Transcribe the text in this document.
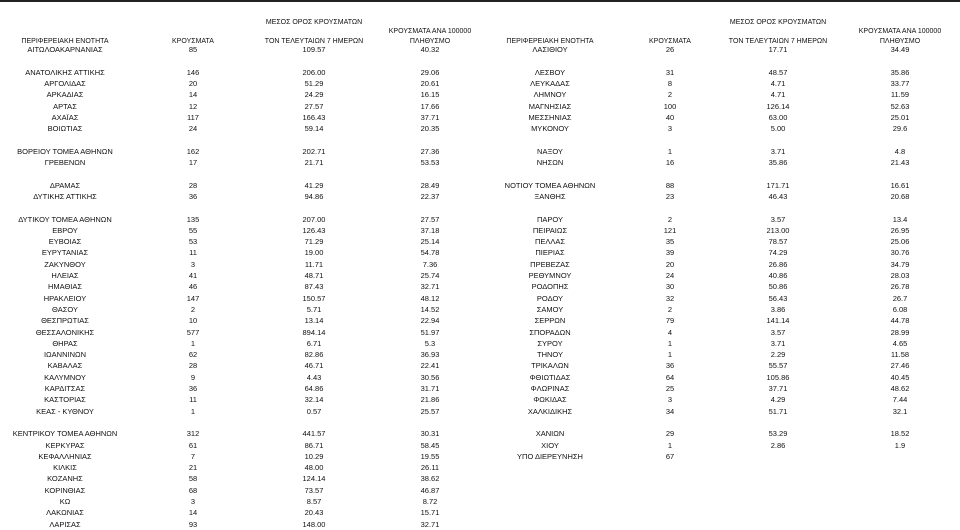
ΠΕΡΙΦΕΡΕΙΑΚΗ ΕΝΟΤΗΤΑ	ΚΡΟΥΣΜΑΤΑ
ΜΕΣΟΣ ΟΡΟΣ ΚΡΟΥΣΜΑΤΩΝ
ΤΟΝ ΤΕΛΕΥΤΑΙΩΝ 7 ΗΜΕΡΩΝ
ΚΡΟΥΣΜΑΤΑ ΑΝΑ 100000
ΠΛΗΘΥΣΜΟ
ΑΙΤΩΛΟΑΚΑΡΝΑΝΙΑΣ	85	109.57	40.32
ΑΝΑΤΟΛΙΚΗΣ ΑΤΤΙΚΗΣ	146	206.00	29.06
ΑΡΓΟΛΙΔΑΣ	20	51.29	20.61
ΑΡΚΑΔΙΑΣ	14	24.29	16.15
ΑΡΤΑΣ	12	27.57	17.66
ΑΧΑΪΑΣ	117	166.43	37.71
ΒΟΙΩΤΙΑΣ	24	59.14	20.35
ΒΟΡΕΙΟΥ ΤΟΜΕΑ ΑΘΗΝΩΝ	162	202.71	27.36
ΓΡΕΒΕΝΩΝ	17	21.71	53.53
ΔΡΑΜΑΣ	28	41.29	28.49
ΔΥΤΙΚΗΣ ΑΤΤΙΚΗΣ	36	94.86	22.37
ΔΥΤΙΚΟΥ ΤΟΜΕΑ ΑΘΗΝΩΝ	135	207.00	27.57
ΕΒΡΟΥ	55	126.43	37.18
ΕΥΒΟΙΑΣ	53	71.29	25.14
ΕΥΡΥΤΑΝΙΑΣ	11	19.00	54.78
ΖΑΚΥΝΘΟΥ	3	11.71	7.36
ΗΛΕΙΑΣ	41	48.71	25.74
ΗΜΑΘΙΑΣ	46	87.43	32.71
ΗΡΑΚΛΕΙΟΥ	147	150.57	48.12
ΘΑΣΟΥ	2	5.71	14.52
ΘΕΣΠΡΩΤΙΑΣ	10	13.14	22.94
ΘΕΣΣΑΛΟΝΙΚΗΣ	577	894.14	51.97
ΘΗΡΑΣ	1	6.71	5.3
ΙΩΑΝΝΙΝΩΝ	62	82.86	36.93
ΚΑΒΑΛΑΣ	28	46.71	22.41
ΚΑΛΥΜΝΟΥ	9	4.43	30.56
ΚΑΡΔΙΤΣΑΣ	36	64.86	31.71
ΚΑΣΤΟΡΙΑΣ	11	32.14	21.86
ΚΕΑΣ - ΚΥΘΝΟΥ	1	0.57	25.57
ΚΕΝΤΡΙΚΟΥ ΤΟΜΕΑ ΑΘΗΝΩΝ	312	441.57	30.31
ΚΕΡΚΥΡΑΣ	61	86.71	58.45
ΚΕΦΑΛΛΗΝΙΑΣ	7	10.29	19.55
ΚΙΛΚΙΣ	21	48.00	26.11
ΚΟΖΑΝΗΣ	58	124.14	38.62
ΚΟΡΙΝΘΙΑΣ	68	73.57	46.87
ΚΩ	3	8.57	8.72
ΛΑΚΩΝΙΑΣ	14	20.43	15.71
ΛΑΡΙΣΑΣ	93	148.00	32.71
ΠΕΡΙΦΕΡΕΙΑΚΗ ΕΝΟΤΗΤΑ	ΚΡΟΥΣΜΑΤΑ
ΜΕΣΟΣ ΟΡΟΣ ΚΡΟΥΣΜΑΤΩΝ
ΤΟΝ ΤΕΛΕΥΤΑΙΩΝ 7 ΗΜΕΡΩΝ
ΚΡΟΥΣΜΑΤΑ ΑΝΑ 100000
ΠΛΗΘΥΣΜΟ
ΛΑΣΙΘΙΟΥ	26	17.71	34.49
ΛΕΣΒΟΥ	31	48.57	35.86
ΛΕΥΚΑΔΑΣ	8	4.71	33.77
ΛΗΜΝΟΥ	2	4.71	11.59
ΜΑΓΝΗΣΙΑΣ	100	126.14	52.63
ΜΕΣΣΗΝΙΑΣ	40	63.00	25.01
ΜΥΚΟΝΟΥ	3	5.00	29.6
ΝΑΞΟΥ	1	3.71	4.8
ΝΗΣΩΝ	16	35.86	21.43
ΝΟΤΙΟΥ ΤΟΜΕΑ ΑΘΗΝΩΝ	88	171.71	16.61
ΞΑΝΘΗΣ	23	46.43	20.68
ΠΑΡΟΥ	2	3.57	13.4
ΠΕΙΡΑΙΩΣ	121	213.00	26.95
ΠΕΛΛΑΣ	35	78.57	25.06
ΠΙΕΡΙΑΣ	39	74.29	30.76
ΠΡΕΒΕΖΑΣ	20	26.86	34.79
ΡΕΘΥΜΝΟΥ	24	40.86	28.03
ΡΟΔΟΠΗΣ	30	50.86	26.78
ΡΟΔΟΥ	32	56.43	26.7
ΣΑΜΟΥ	2	3.86	6.08
ΣΕΡΡΩΝ	79	141.14	44.78
ΣΠΟΡΑΔΩΝ	4	3.57	28.99
ΣΥΡΟΥ	1	3.71	4.65
ΤΗΝΟΥ	1	2.29	11.58
ΤΡΙΚΑΛΩΝ	36	55.57	27.46
ΦΘΙΩΤΙΔΑΣ	64	105.86	40.45
ΦΛΩΡΙΝΑΣ	25	37.71	48.62
ΦΩΚΙΔΑΣ	3	4.29	7.44
ΧΑΛΚΙΔΙΚΗΣ	34	51.71	32.1
ΧΑΝΙΩΝ	29	53.29	18.52
ΧΙΟΥ	1	2.86	1.9
ΥΠΟ ΔΙΕΡΕΥΝΗΣΗ	67
